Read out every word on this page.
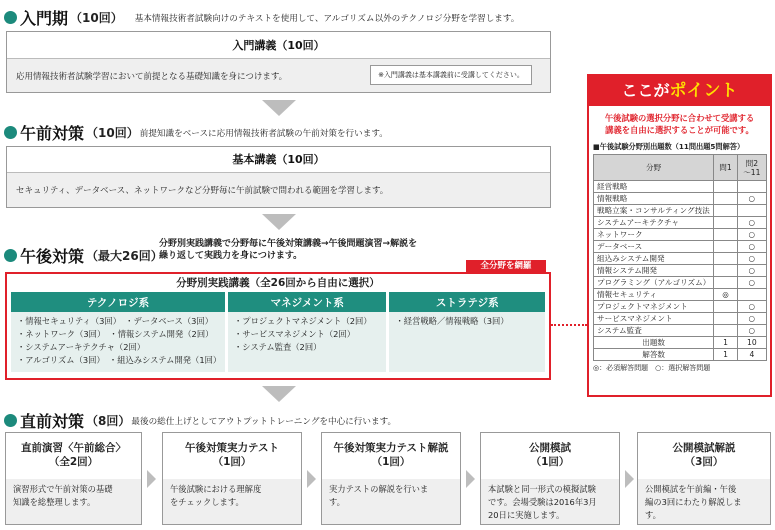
入門期 （10回） 基本情報技術者試験向けのテキストを使用して、アルゴリズム以外のテクノロジ分野を学習します。
入門講義（10回）
応用情報技術者試験学習において前提となる基礎知識を身につけます。	※入門講義は基本講義前に受講してください。
午前対策 （10回） 前提知識をベースに応用情報技術者試験の午前対策を行います。
基本講義（10回）
セキュリティ、データベース、ネットワークなど分野毎に午前試験で問われる範囲を学習します。
午後対策 （最大26回）
分野別実践講義で分野毎に午後対策講義→午後問題演習→解説を
繰り返して実践力を身につけます。
全分野を網羅
分野別実践講義（全26回から自由に選択）
テクノロジ系
・情報セキュリティ（3回）　・データベース（3回）
・ネットワーク（3回）　・情報システム開発（2回）
・システムアーキテクチャ（2回）
・アルゴリズム（3回）　・組込みシステム開発（1回）
マネジメント系
・プロジェクトマネジメント（2回）
・サービスマネジメント（2回）
・システム監査（2回）
ストラテジ系
・経営戦略／情報戦略（3回）
直前対策 （8回） 最後の総仕上げとしてアウトプットトレーニングを中心に行います。
直前演習〈午前総合〉
（全2回）
演習形式で午前対策の基礎
知識を総整理します。
午後対策実力テスト
（1回）
午後試験における理解度
をチェックします。
午後対策実力テスト解説
（1回）
実力テストの解説を行いま
す。
公開模試
（1回）
本試験と同一形式の模擬試験
です。会場受験は2016年3月
20日に実施します。
公開模試解説
（3回）
公開模試を午前編・午後
編の3回にわたり解説しま
す。
ここがポイント
午後試験の選択分野に合わせて受講する
講義を自由に選択することが可能です。
■午後試験分野別出題数（11問出題5問解答）
分野	問1	問2
～11
経営戦略		
情報戦略		○
戦略立案・コンサルティング技法		
システムアーキテクチャ		○
ネットワーク		○
データベース		○
組込みシステム開発		○
情報システム開発		○
プログラミング（アルゴリズム）		○
情報セキュリティ	◎	
プロジェクトマネジメント		○
サービスマネジメント		○
システム監査		○
出題数	1	10
解答数	1	4
◎：必須解答問題　○：選択解答問題
